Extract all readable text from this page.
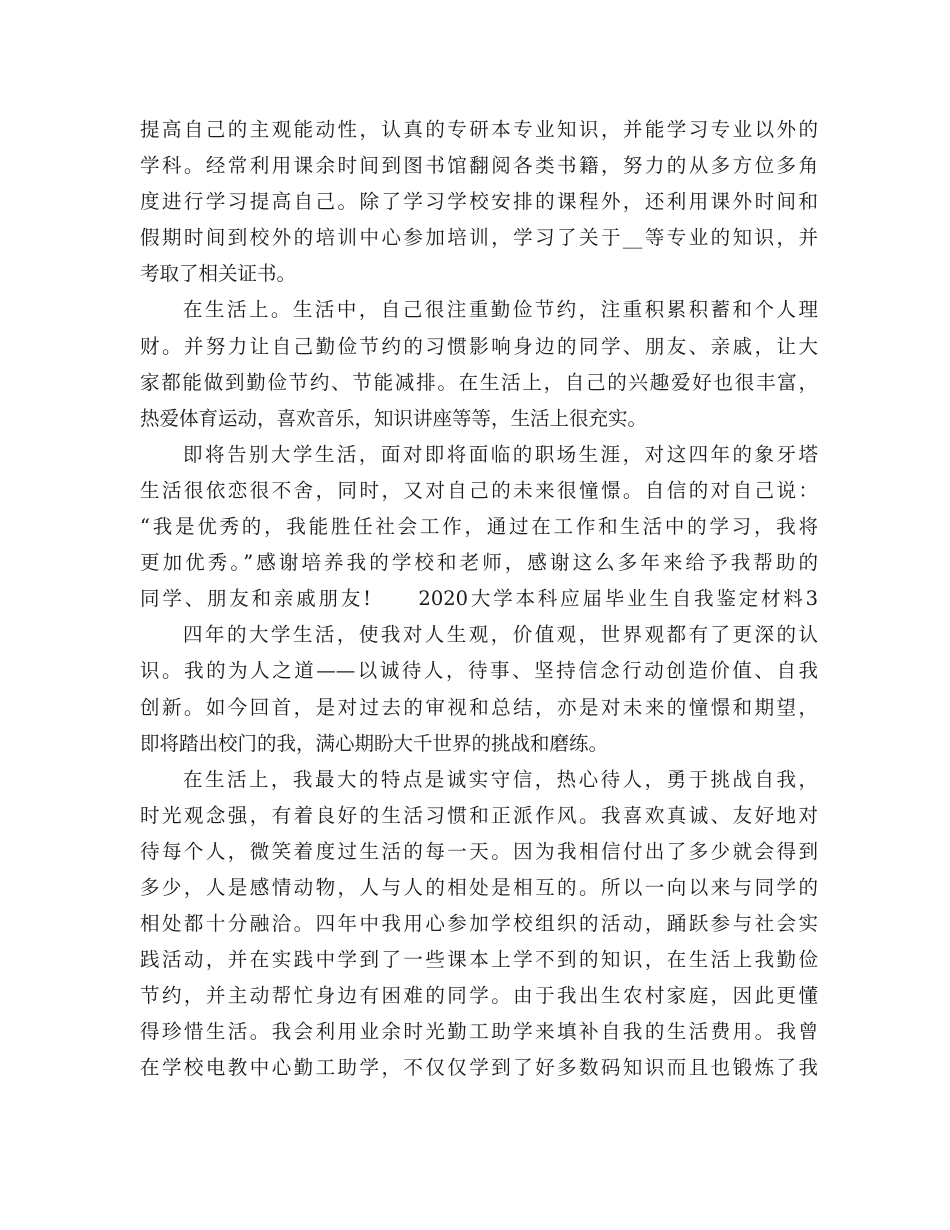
提高自己的主观能动性，认真的专研本专业知识，并能学习专业以外的
学科。经常利用课余时间到图书馆翻阅各类书籍，努力的从多方位多角
度进行学习提高自己。除了学习学校安排的课程外，还利用课外时间和
假期时间到校外的培训中心参加培训，学习了关于__等专业的知识，并
考取了相关证书。
在生活上。生活中，自己很注重勤俭节约，注重积累积蓄和个人理
财。并努力让自己勤俭节约的习惯影响身边的同学、朋友、亲戚，让大
家都能做到勤俭节约、节能减排。在生活上，自己的兴趣爱好也很丰富，
热爱体育运动，喜欢音乐，知识讲座等等，生活上很充实。
即将告别大学生活，面对即将面临的职场生涯，对这四年的象牙塔
生活很依恋很不舍，同时，又对自己的未来很憧憬。自信的对自己说：
“我是优秀的，我能胜任社会工作，通过在工作和生活中的学习，我将
更加优秀。”感谢培养我的学校和老师，感谢这么多年来给予我帮助的
同学、朋友和亲戚朋友!　　2020大学本科应届毕业生自我鉴定材料3
四年的大学生活，使我对人生观，价值观，世界观都有了更深的认
识。我的为人之道——以诚待人，待事、坚持信念行动创造价值、自我
创新。如今回首，是对过去的审视和总结，亦是对未来的憧憬和期望，
即将踏出校门的我，满心期盼大千世界的挑战和磨练。
在生活上，我最大的特点是诚实守信，热心待人，勇于挑战自我，
时光观念强，有着良好的生活习惯和正派作风。我喜欢真诚、友好地对
待每个人，微笑着度过生活的每一天。因为我相信付出了多少就会得到
多少，人是感情动物，人与人的相处是相互的。所以一向以来与同学的
相处都十分融洽。四年中我用心参加学校组织的活动，踊跃参与社会实
践活动，并在实践中学到了一些课本上学不到的知识，在生活上我勤俭
节约，并主动帮忙身边有困难的同学。由于我出生农村家庭，因此更懂
得珍惜生活。我会利用业余时光勤工助学来填补自我的生活费用。我曾
在学校电教中心勤工助学，不仅仅学到了好多数码知识而且也锻炼了我
